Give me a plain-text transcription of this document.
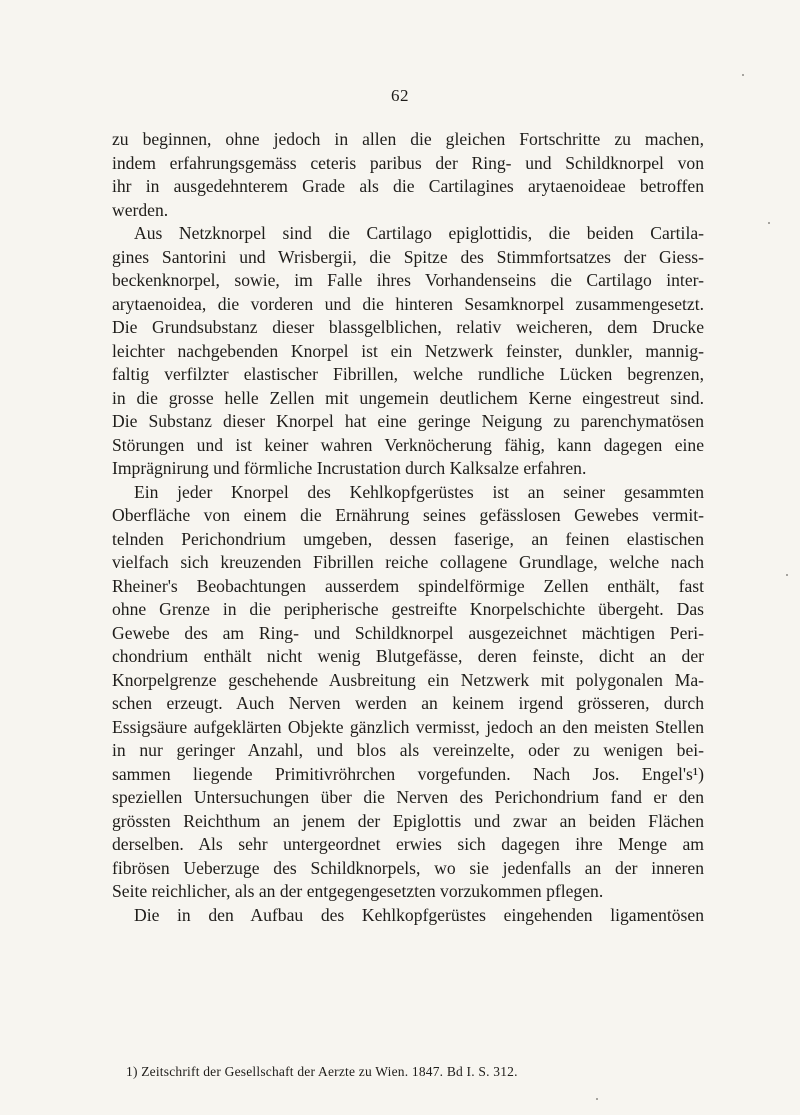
62
zu beginnen, ohne jedoch in allen die gleichen Fortschritte zu machen,
indem erfahrungsgemäss ceteris paribus der Ring- und Schildknorpel von
ihr in ausgedehnterem Grade als die Cartilagines arytaenoideae betroffen
werden.
Aus Netzknorpel sind die Cartilago epiglottidis, die beiden Cartila-
gines Santorini und Wrisbergii, die Spitze des Stimmfortsatzes der Giess-
beckenknorpel, sowie, im Falle ihres Vorhandenseins die Cartilago inter-
arytaenoidea, die vorderen und die hinteren Sesamknorpel zusammengesetzt.
Die Grundsubstanz dieser blassgelblichen, relativ weicheren, dem Drucke
leichter nachgebenden Knorpel ist ein Netzwerk feinster, dunkler, mannig-
faltig verfilzter elastischer Fibrillen, welche rundliche Lücken begrenzen,
in die grosse helle Zellen mit ungemein deutlichem Kerne eingestreut sind.
Die Substanz dieser Knorpel hat eine geringe Neigung zu parenchymatösen
Störungen und ist keiner wahren Verknöcherung fähig, kann dagegen eine
Imprägnirung und förmliche Incrustation durch Kalksalze erfahren.
Ein jeder Knorpel des Kehlkopfgerüstes ist an seiner gesammten
Oberfläche von einem die Ernährung seines gefässlosen Gewebes vermit-
telnden Perichondrium umgeben, dessen faserige, an feinen elastischen
vielfach sich kreuzenden Fibrillen reiche collagene Grundlage, welche nach
Rheiner's Beobachtungen ausserdem spindelförmige Zellen enthält, fast
ohne Grenze in die peripherische gestreifte Knorpelschichte übergeht. Das
Gewebe des am Ring- und Schildknorpel ausgezeichnet mächtigen Peri-
chondrium enthält nicht wenig Blutgefässe, deren feinste, dicht an der
Knorpelgrenze geschehende Ausbreitung ein Netzwerk mit polygonalen Ma-
schen erzeugt. Auch Nerven werden an keinem irgend grösseren, durch
Essigsäure aufgeklärten Objekte gänzlich vermisst, jedoch an den meisten Stellen
in nur geringer Anzahl, und blos als vereinzelte, oder zu wenigen bei-
sammen liegende Primitivröhrchen vorgefunden. Nach Jos. Engel's¹)
speziellen Untersuchungen über die Nerven des Perichondrium fand er den
grössten Reichthum an jenem der Epiglottis und zwar an beiden Flächen
derselben. Als sehr untergeordnet erwies sich dagegen ihre Menge am
fibrösen Ueberzuge des Schildknorpels, wo sie jedenfalls an der inneren
Seite reichlicher, als an der entgegengesetzten vorzukommen pflegen.
Die in den Aufbau des Kehlkopfgerüstes eingehenden ligamentösen
1) Zeitschrift der Gesellschaft der Aerzte zu Wien. 1847. Bd I. S. 312.
